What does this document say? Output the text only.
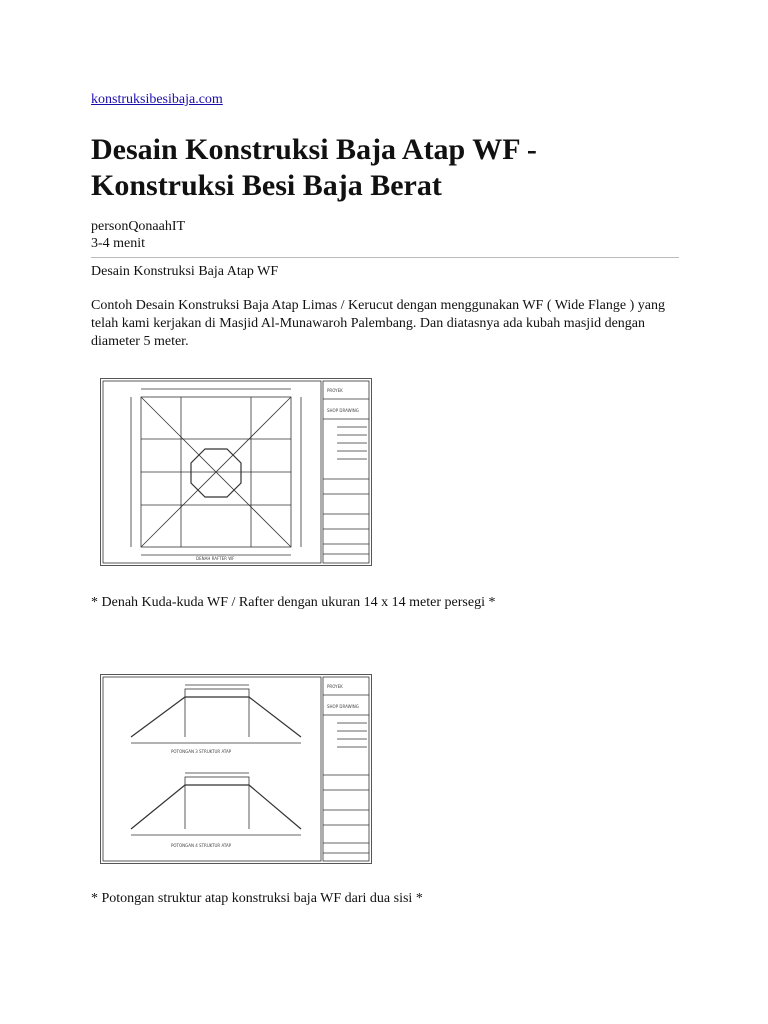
konstruksibesibaja.com
Desain Konstruksi Baja Atap WF - Konstruksi Besi Baja Berat
personQonaahIT
3-4 menit
Desain Konstruksi Baja Atap WF

Contoh Desain Konstruksi Baja Atap Limas / Kerucut dengan menggunakan WF ( Wide Flange ) yang telah kami kerjakan di Masjid Al-Munawaroh Palembang. Dan diatasnya ada kubah masjid dengan diameter 5 meter.

DENAH RAFTER WF
PROYEK
SHOP DRAWING
* Denah Kuda-kuda WF / Rafter dengan ukuran 14 x 14 meter persegi *
POTONGAN 3 STRUKTUR ATAP
POTONGAN 4 STRUKTUR ATAP
PROYEK
SHOP DRAWING
* Potongan struktur atap konstruksi baja WF dari dua sisi *
